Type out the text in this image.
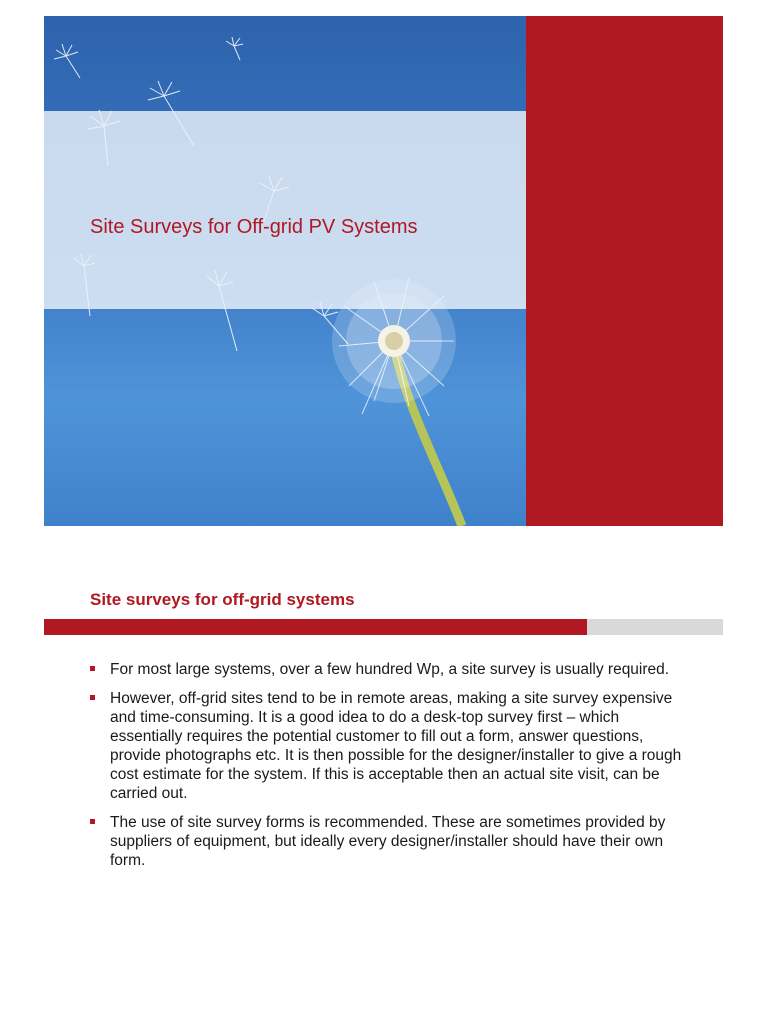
Site Surveys for Off-grid PV Systems
Site surveys for off-grid systems
For most large systems, over a few hundred Wp, a site survey is usually required.
However, off-grid sites tend to be in remote areas, making a site survey expensive and time-consuming. It is a good idea to do a desk-top survey first – which essentially requires the potential customer to fill out a form, answer questions, provide photographs etc. It is then possible for the designer/installer to give a rough cost estimate for the system. If this is acceptable then an actual site visit, can be carried out.
The use of site survey forms is recommended. These are sometimes provided by suppliers of equipment, but ideally every designer/installer should have their own form.
